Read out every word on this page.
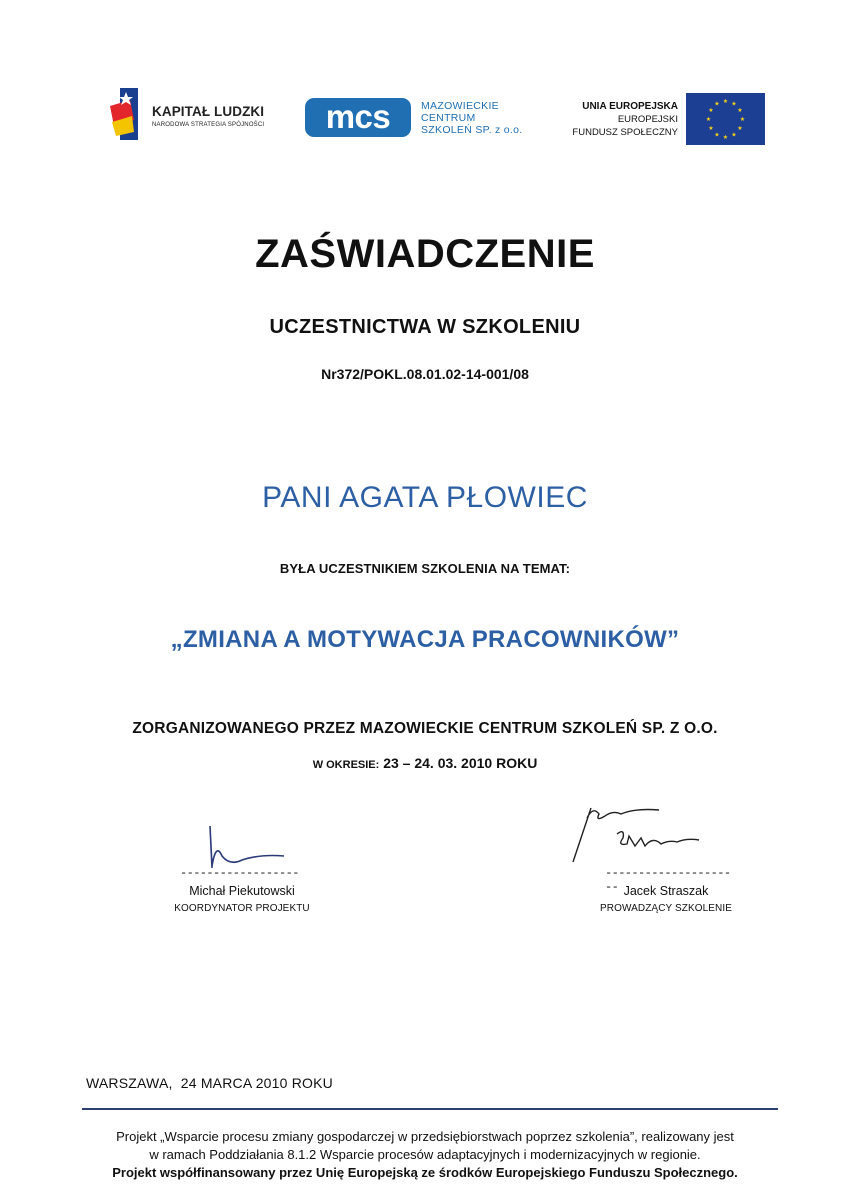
KAPITAŁ LUDZKI
NARODOWA STRATEGIA SPÓJNOŚCI	mcs	MAZOWIECKIE
CENTRUM
SZKOLEŃ SP. z o.o.
UNIA EUROPEJSKA
EUROPEJSKI
FUNDUSZ SPOŁECZNY
★ ★
★
★
★
★
★
★
★
★
★
★
ZAŚWIADCZENIE
UCZESTNICTWA W SZKOLENIU
Nr372/POKL.08.01.02-14-001/08
PANI AGATA PŁOWIEC
BYŁA UCZESTNIKIEM SZKOLENIA NA TEMAT:
„ZMIANA A MOTYWACJA PRACOWNIKÓW”
ZORGANIZOWANEGO PRZEZ MAZOWIECKIE CENTRUM SZKOLEŃ SP. Z O.O.
W OKRESIE: 23 – 24. 03. 2010 ROKU
------------------
Michał Piekutowski
KOORDYNATOR PROJEKTU
--------------------- Jacek Straszak
PROWADZĄCY SZKOLENIE
WARSZAWA,  24 MARCA 2010 ROKU
Projekt „Wsparcie procesu zmiany gospodarczej w przedsiębiorstwach poprzez szkolenia”, realizowany jest
w ramach Poddziałania 8.1.2 Wsparcie procesów adaptacyjnych i modernizacyjnych w regionie.
Projekt współfinansowany przez Unię Europejską ze środków Europejskiego Funduszu Społecznego.
